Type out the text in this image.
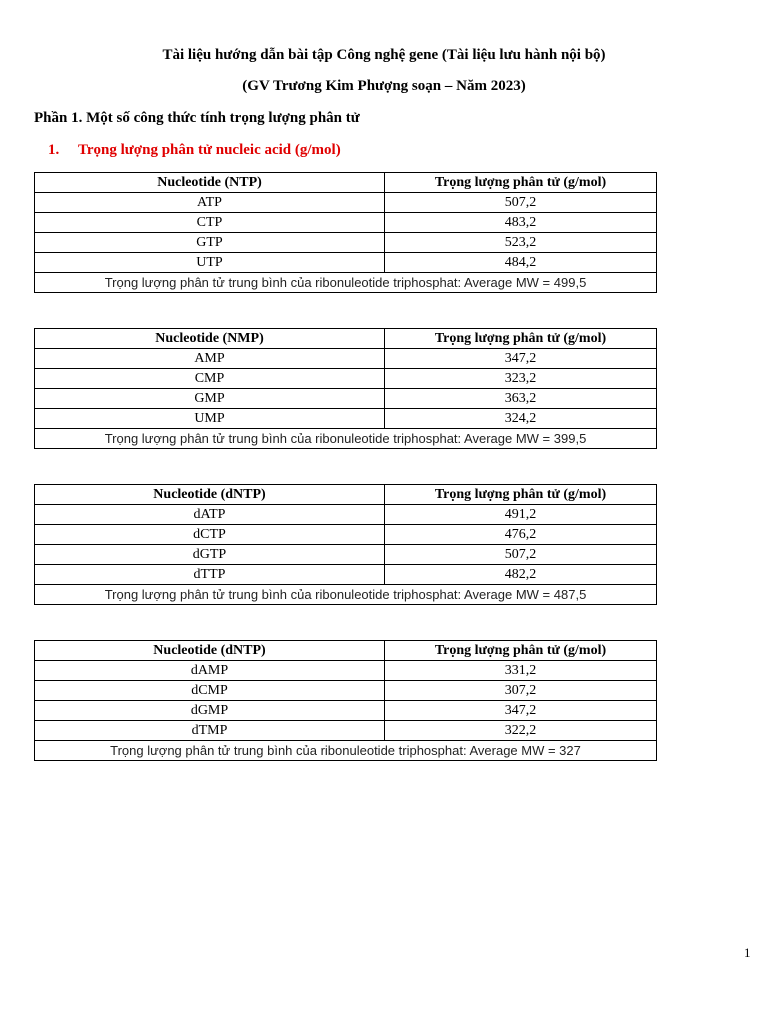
Tài liệu hướng dẫn bài tập Công nghệ gene (Tài liệu lưu hành nội bộ)
(GV Trương Kim Phượng soạn – Năm 2023)
Phần 1. Một số công thức tính trọng lượng phân tử
1. Trọng lượng phân tử nucleic acid (g/mol)
Nucleotide (NTP)	Trọng lượng phân tử (g/mol)
ATP	507,2
CTP	483,2
GTP	523,2
UTP	484,2
Trọng lượng phân tử trung bình của ribonuleotide triphosphat: Average MW = 499,5	
Nucleotide (NMP)	Trọng lượng phân tử (g/mol)
AMP	347,2
CMP	323,2
GMP	363,2
UMP	324,2
Trọng lượng phân tử trung bình của ribonuleotide triphosphat: Average MW = 399,5	
Nucleotide (dNTP)	Trọng lượng phân tử (g/mol)
dATP	491,2
dCTP	476,2
dGTP	507,2
dTTP	482,2
Trọng lượng phân tử trung bình của ribonuleotide triphosphat: Average MW = 487,5	
Nucleotide (dNTP)	Trọng lượng phân tử (g/mol)
dAMP	331,2
dCMP	307,2
dGMP	347,2
dTMP	322,2
Trọng lượng phân tử trung bình của ribonuleotide triphosphat: Average MW = 327	
1
